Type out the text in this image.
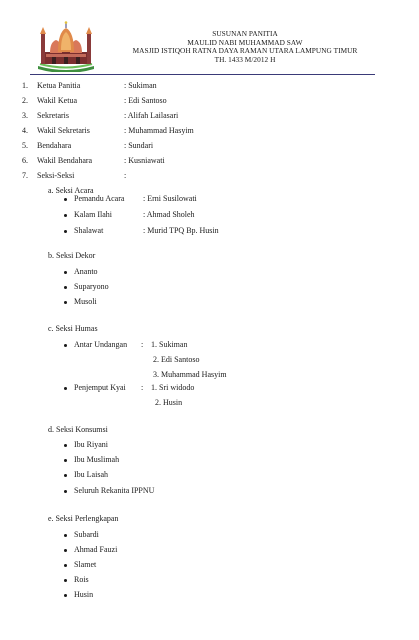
SUSUNAN PANITIA
MAULID NABI MUHAMMAD SAW
MASJID ISTIQOH RATNA DAYA RAMAN UTARA LAMPUNG TIMUR
TH. 1433 M/2012 H
1. Ketua Panitia	: Sukiman
2. Wakil Ketua	: Edi Santoso
3. Sekretaris	: Alifah Lailasari
4. Wakil Sekretaris	: Muhammad Hasyim
5. Bendahara	: Sundari
6. Wakil Bendahara	: Kusniawati
7. Seksi-Seksi	:
a. Seksi Acara
Pemandu Acara : Erni Susilowati
Kalam Ilahi	: Ahmad Sholeh
Shalawat	: Murid TPQ Bp. Husin
b. Seksi Dekor
Ananto
Suparyono
Musoli
c. Seksi Humas
Antar Undangan : 1. Sukiman
2. Edi Santoso
3. Muhammad Hasyim
Penjemput Kyai : 1. Sri widodo
2. Husin
d. Seksi Konsumsi
Ibu Riyani
Ibu Muslimah
Ibu Laisah
Seluruh Rekanita IPPNU
e. Seksi Perlengkapan
Subardi
Ahmad Fauzi
Slamet
Rois
Husin
